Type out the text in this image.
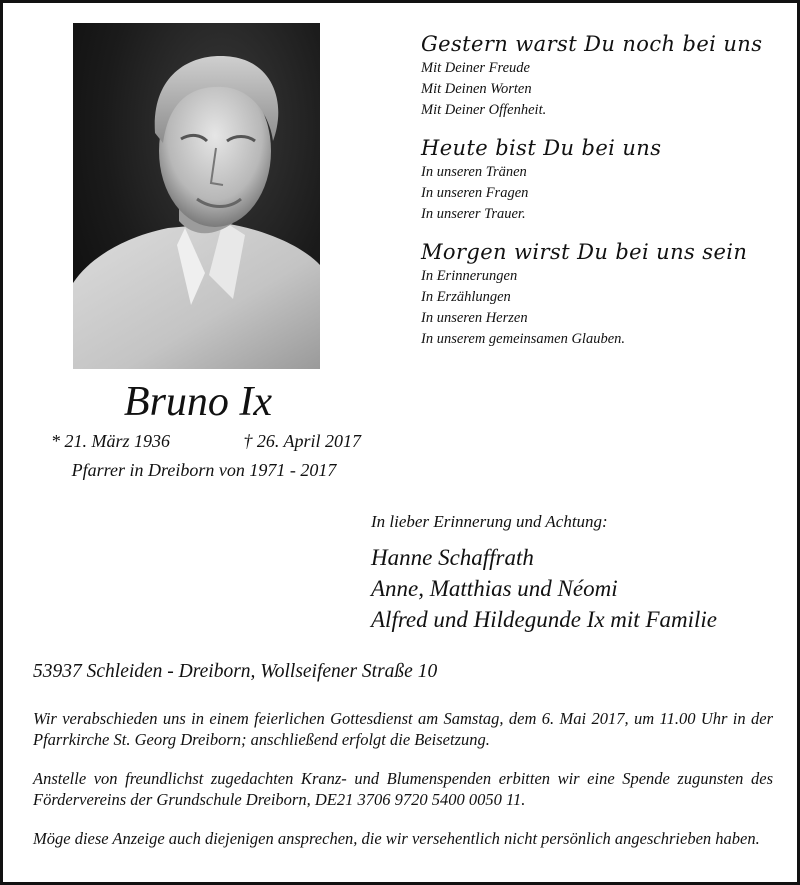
Gestern warst Du noch bei uns
Mit Deiner Freude
Mit Deinen Worten
Mit Deiner Offenheit.
Heute bist Du bei uns
In unseren Tränen
In unseren Fragen
In unserer Trauer.
Morgen wirst Du bei uns sein
In Erinnerungen
In Erzählungen
In unseren Herzen
In unserem gemeinsamen Glauben.
Bruno Ix
* 21. März 1936	† 26. April 2017
Pfarrer in Dreiborn von 1971 - 2017
In lieber Erinnerung und Achtung:
Hanne Schaffrath
Anne, Matthias und Néomi
Alfred und Hildegunde Ix mit Familie
53937 Schleiden - Dreiborn, Wollseifener Straße 10
Wir verabschieden uns in einem feierlichen Gottesdienst am Samstag, dem 6. Mai 2017, um 11.00 Uhr in der Pfarrkirche St. Georg Dreiborn; anschließend erfolgt die Beisetzung.
Anstelle von freundlichst zugedachten Kranz- und Blumenspenden erbitten wir eine Spende zugunsten des Fördervereins der Grundschule Dreiborn, DE21 3706 9720 5400 0050 11.
Möge diese Anzeige auch diejenigen ansprechen, die wir versehentlich nicht persönlich angeschrieben haben.
